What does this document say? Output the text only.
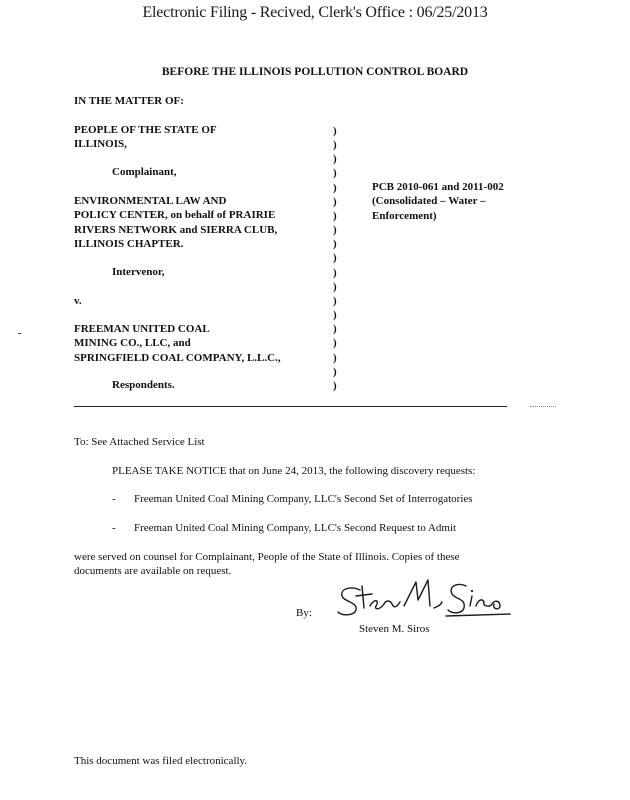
Electronic Filing - Recived, Clerk's Office : 06/25/2013
BEFORE THE ILLINOIS POLLUTION CONTROL BOARD
IN THE MATTER OF:
PEOPLE OF THE STATE OF
ILLINOIS,
Complainant,
ENVIRONMENTAL LAW AND
POLICY CENTER, on behalf of PRAIRIE
RIVERS NETWORK and SIERRA CLUB,
ILLINOIS CHAPTER.
Intervenor,
v.
FREEMAN UNITED COAL
MINING CO., LLC, and
SPRINGFIELD COAL COMPANY, L.L.C.,
Respondents.
)
)
)
)
)
)
)
)
)
)
)
)
)
)
)
)
)
)
)
PCB 2010-061 and 2011-002
(Consolidated – Water –
Enforcement)
To: See Attached Service List
PLEASE TAKE NOTICE that on June 24, 2013, the following discovery requests:
- Freeman United Coal Mining Company, LLC's Second Set of Interrogatories
- Freeman United Coal Mining Company, LLC's Second Request to Admit
were served on counsel for Complainant, People of the State of Illinois. Copies of these
documents are available on request.
By:
Steven M. Siros
This document was filed electronically.
